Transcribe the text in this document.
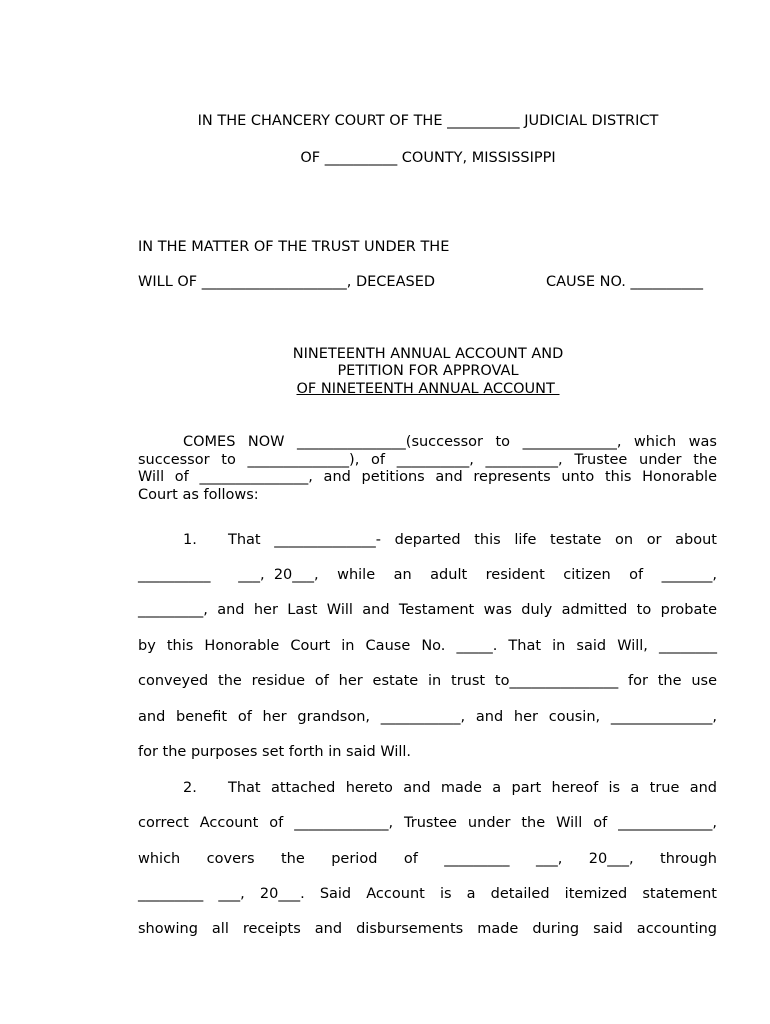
IN THE CHANCERY COURT OF THE __________ JUDICIAL DISTRICT
OF __________ COUNTY, MISSISSIPPI
IN THE MATTER OF THE TRUST UNDER THE
WILL OF ____________________, DECEASED	CAUSE NO. __________
NINETEENTH ANNUAL ACCOUNT AND
PETITION FOR APPROVAL
OF NINETEENTH ANNUAL ACCOUNT
COMES NOW _______________(successor to _____________, which was
successor to ______________), of __________, __________, Trustee under the
Will of _______________, and petitions and represents unto this Honorable
Court as follows:
1. That ______________- departed this life testate on or about
__________   ___, 20___,  while  an  adult  resident  citizen  of  _______,
_________, and her Last Will and Testament was duly admitted to probate
by this Honorable Court in Cause No. _____. That in said Will, ________
conveyed the residue of her estate in trust to_______________ for the use
and benefit of her grandson, ___________, and her cousin, ______________,
for the purposes set forth in said Will.
2. That attached hereto and made a part hereof is a true and
correct Account of _____________, Trustee under the Will of _____________,
which covers the period of _________ ___, 20___, through
_________ ___, 20___. Said Account is a detailed itemized statement
showing all receipts and disbursements made during said accounting
